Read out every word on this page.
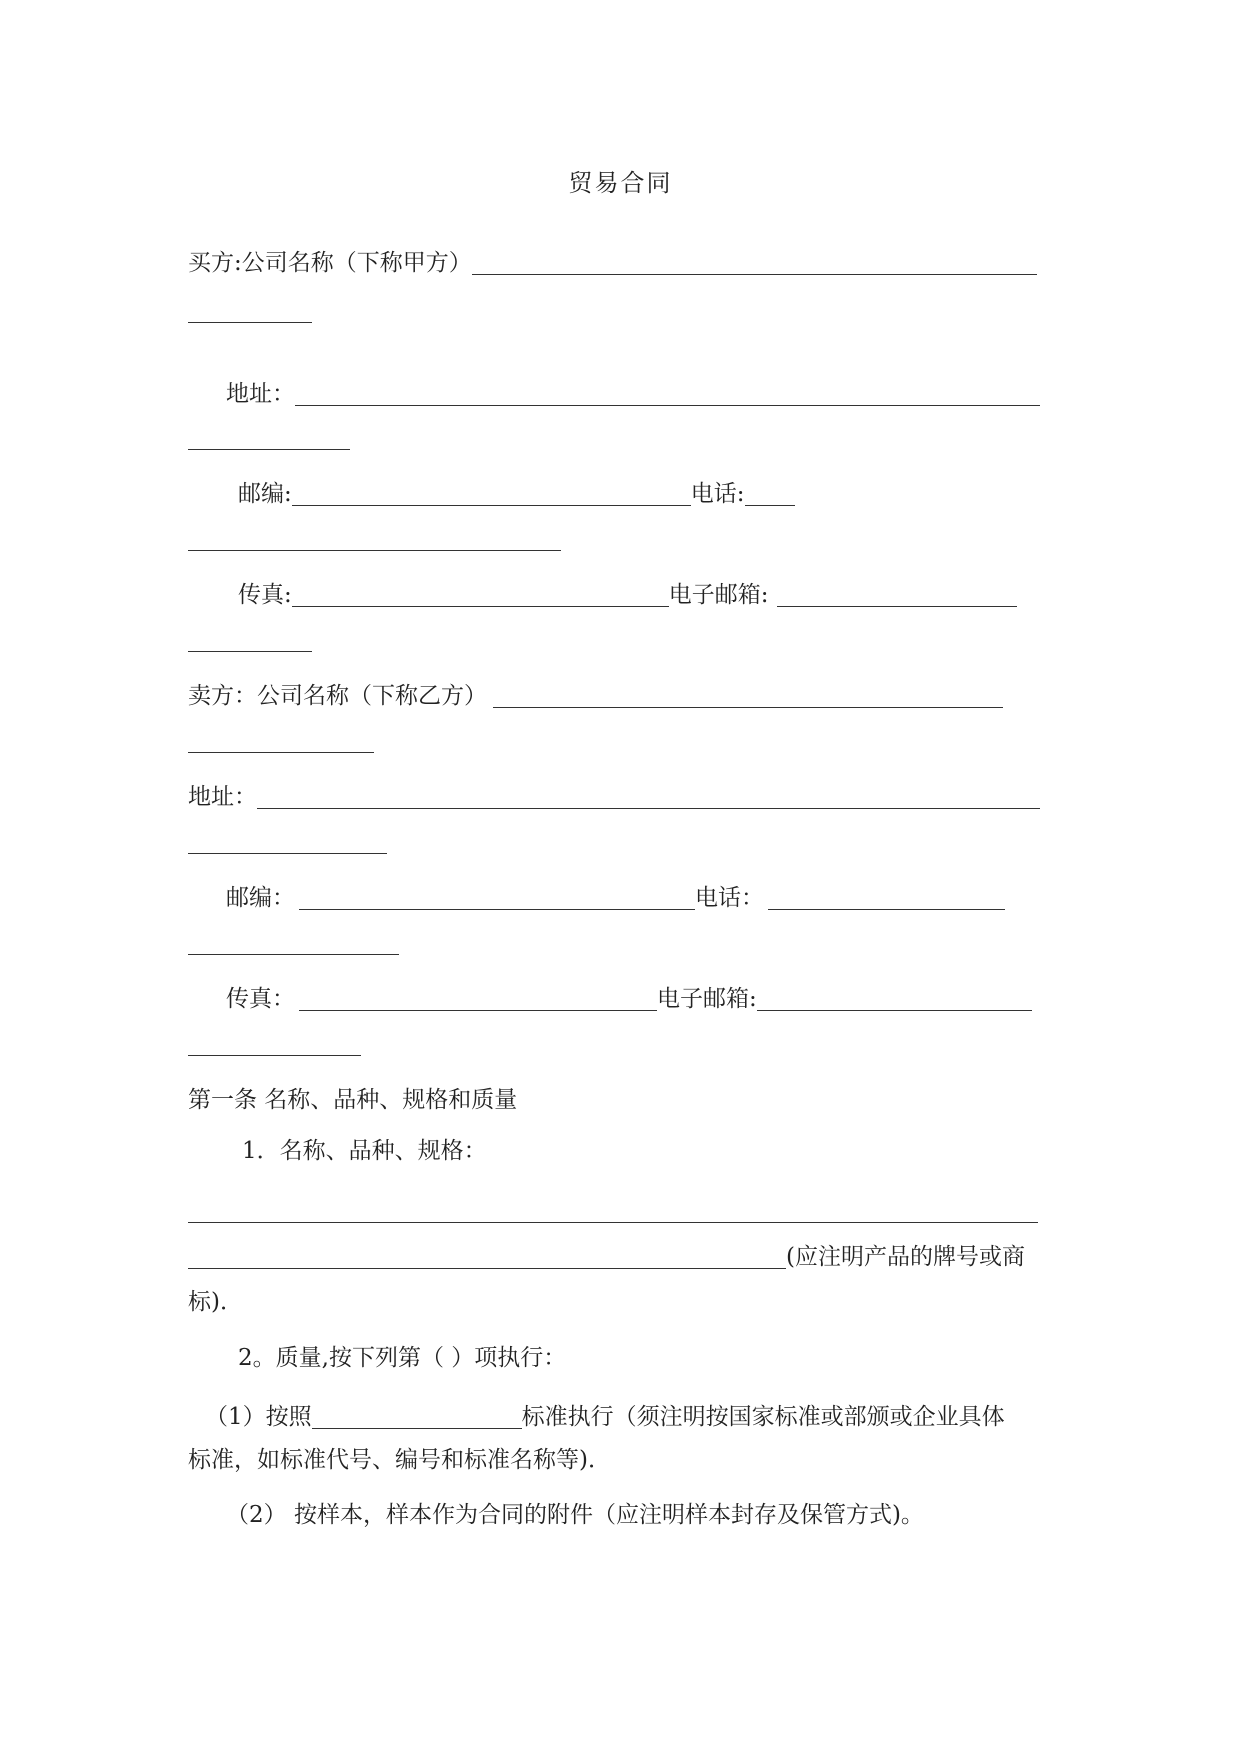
贸易合同
买方:公司名称（下称甲方）
地址：
邮编:	电话:
传真:	电子邮箱:
卖方：公司名称（下称乙方）
地址：
邮编：	电话：
传真：	电子邮箱:
第一条 名称、品种、规格和质量
1．名称、品种、规格：
(应注明产品的牌号或商
标)．
2。质量,按下列第（ ）项执行：
（1）按照	标准执行（须注明按国家标准或部颁或企业具体
标准，如标准代号、编号和标准名称等)．
（2） 按样本，样本作为合同的附件（应注明样本封存及保管方式)。
